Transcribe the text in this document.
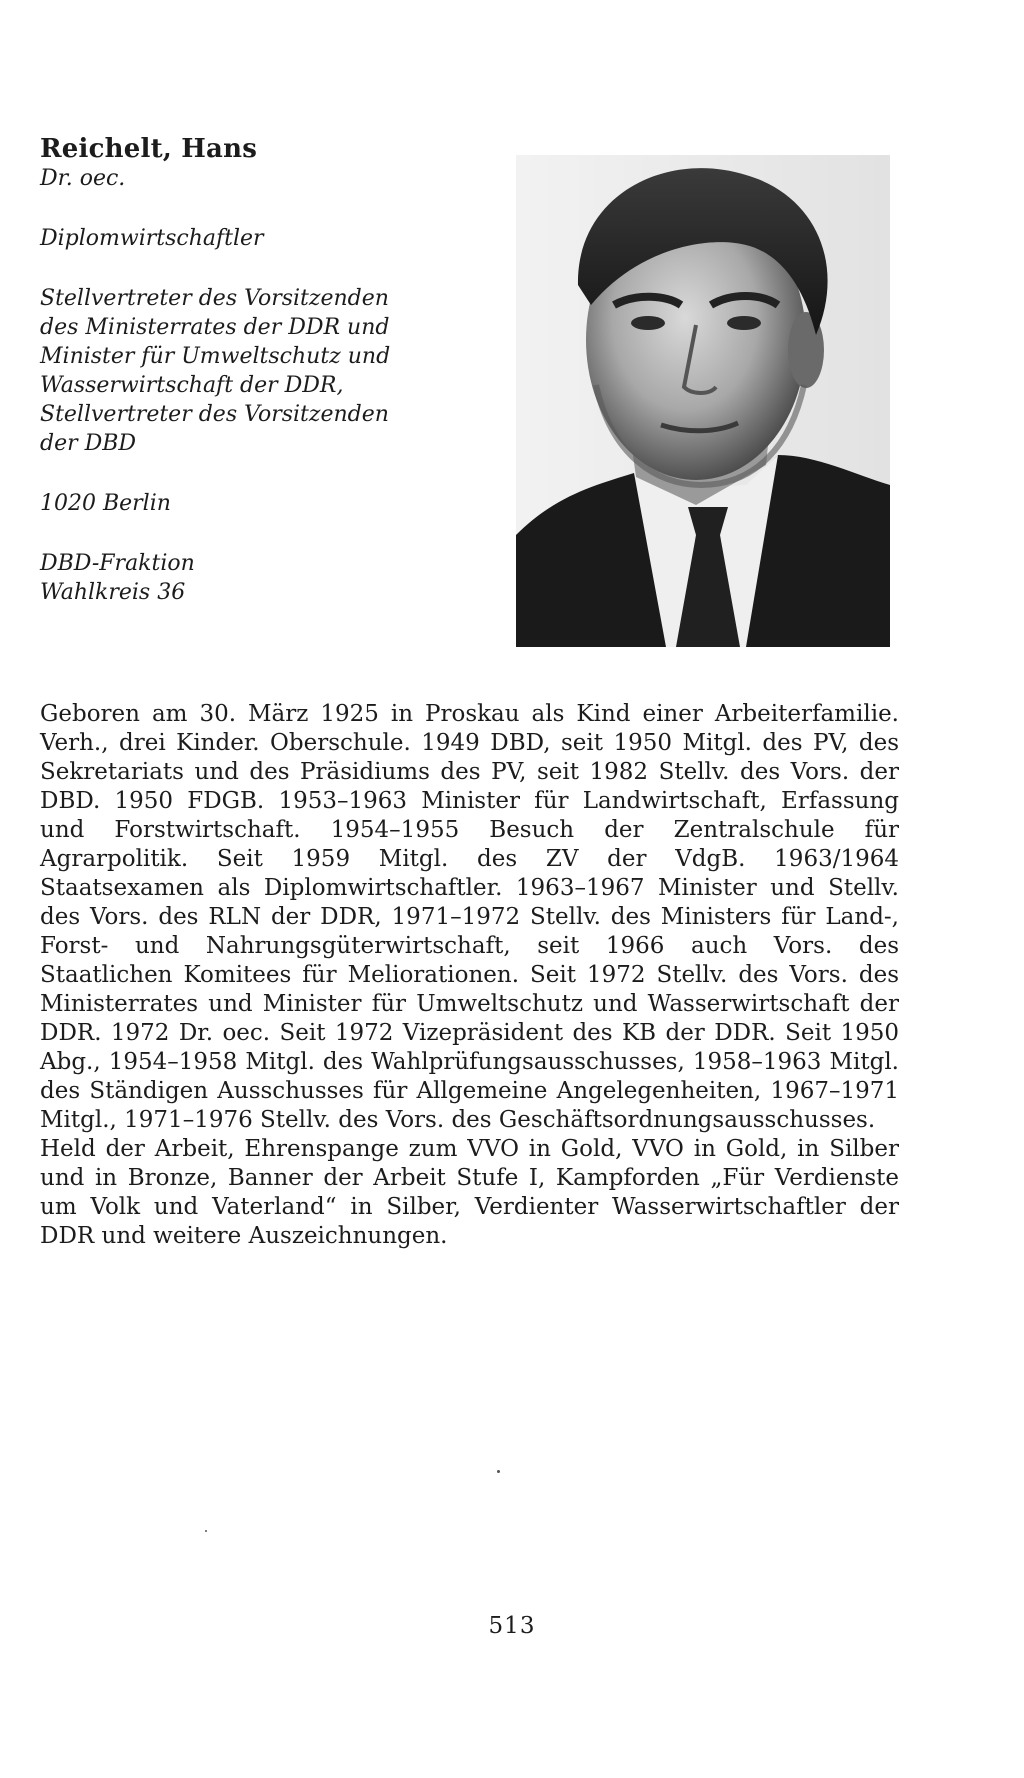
Reichelt, Hans
Dr. oec.
Diplomwirtschaftler
Stellvertreter des Vorsitzenden
des Ministerrates der DDR und
Minister für Umweltschutz und
Wasserwirtschaft der DDR,
Stellvertreter des Vorsitzenden
der DBD
1020 Berlin
DBD-Fraktion
Wahlkreis 36

Geboren am 30. März 1925 in Proskau als Kind einer Arbeiterfamilie. Verh., drei Kinder. Oberschule. 1949 DBD, seit 1950 Mitgl. des PV, des Sekretariats und des Präsidiums des PV, seit 1982 Stellv. des Vors. der DBD. 1950 FDGB. 1953–1963 Minister für Landwirtschaft, Erfassung und Forstwirtschaft. 1954–1955 Besuch der Zentralschule für Agrarpolitik. Seit 1959 Mitgl. des ZV der VdgB. 1963/1964 Staatsexamen als Diplomwirtschaftler. 1963–1967 Minister und Stellv. des Vors. des RLN der DDR, 1971–1972 Stellv. des Ministers für Land-, Forst- und Nahrungsgüterwirtschaft, seit 1966 auch Vors. des Staatlichen Komitees für Meliorationen. Seit 1972 Stellv. des Vors. des Ministerrates und Minister für Umweltschutz und Wasserwirtschaft der DDR. 1972 Dr. oec. Seit 1972 Vizepräsident des KB der DDR. Seit 1950 Abg., 1954–1958 Mitgl. des Wahlprüfungsausschusses, 1958–1963 Mitgl. des Ständigen Ausschusses für Allgemeine Angelegenheiten, 1967–1971 Mitgl., 1971–1976 Stellv. des Vors. des Geschäftsordnungsausschusses.

Held der Arbeit, Ehrenspange zum VVO in Gold, VVO in Gold, in Silber und in Bronze, Banner der Arbeit Stufe I, Kampforden „Für Verdienste um Volk und Vaterland“ in Silber, Verdienter Wasserwirtschaftler der DDR und weitere Auszeichnungen.

513
